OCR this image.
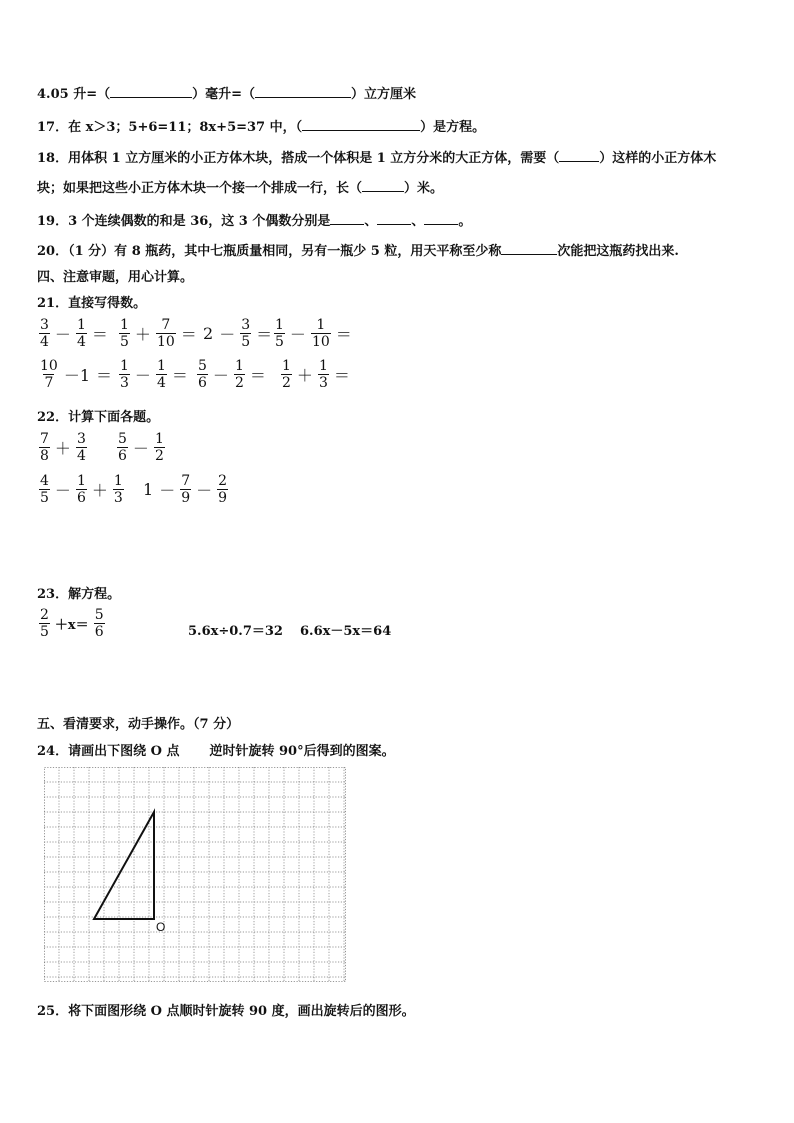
4.05 升=（	）毫升=（	）立方厘米
17．在 x＞3；5+6=11；8x+5=37 中，（	）是方程。
18．用体积 1 立方厘米的小正方体木块，搭成一个体积是 1 立方分米的大正方体，需要（	）这样的小正方体木
块；如果把这些小正方体木块一个接一个排成一行，长（	）米。
19．3 个连续偶数的和是 36，这 3 个偶数分别是	、	、	。
20．（1 分）有 8 瓶药，其中七瓶质量相同，另有一瓶少 5 粒，用天平称至少称	次能把这瓶药找出来.
四、注意审题，用心计算。
21．直接写得数。
$\frac{3}{4} - \frac{1}{4} = \frac{1}{5} + \frac{7}{10} = 2 - \frac{3}{5} = \frac{1}{5} - \frac{1}{10}$ ＝
$\frac{10}{7} -1 = \frac{1}{3} - \frac{1}{4} = \frac{5}{6} - \frac{1}{2} = \frac{1}{2} + \frac{1}{3}$ ＝
22．计算下面各题。
$\frac{7}{8} + \frac{3}{4} \frac{5}{6} - \frac{1}{2}$
$\frac{4}{5} - \frac{1}{6} + \frac{1}{3} 1 - \frac{7}{9} - \frac{2}{9}$
23．解方程。
$\frac{2}{5} +x= \frac{5}{6}$	5.6x÷0.7＝32 6.6x－5x＝64
五、看清要求，动手操作。（7 分）
24．请画出下图绕 O 点 逆时针旋转 90°后得到的图案。
O
25．将下面图形绕 O 点顺时针旋转 90 度，画出旋转后的图形。
